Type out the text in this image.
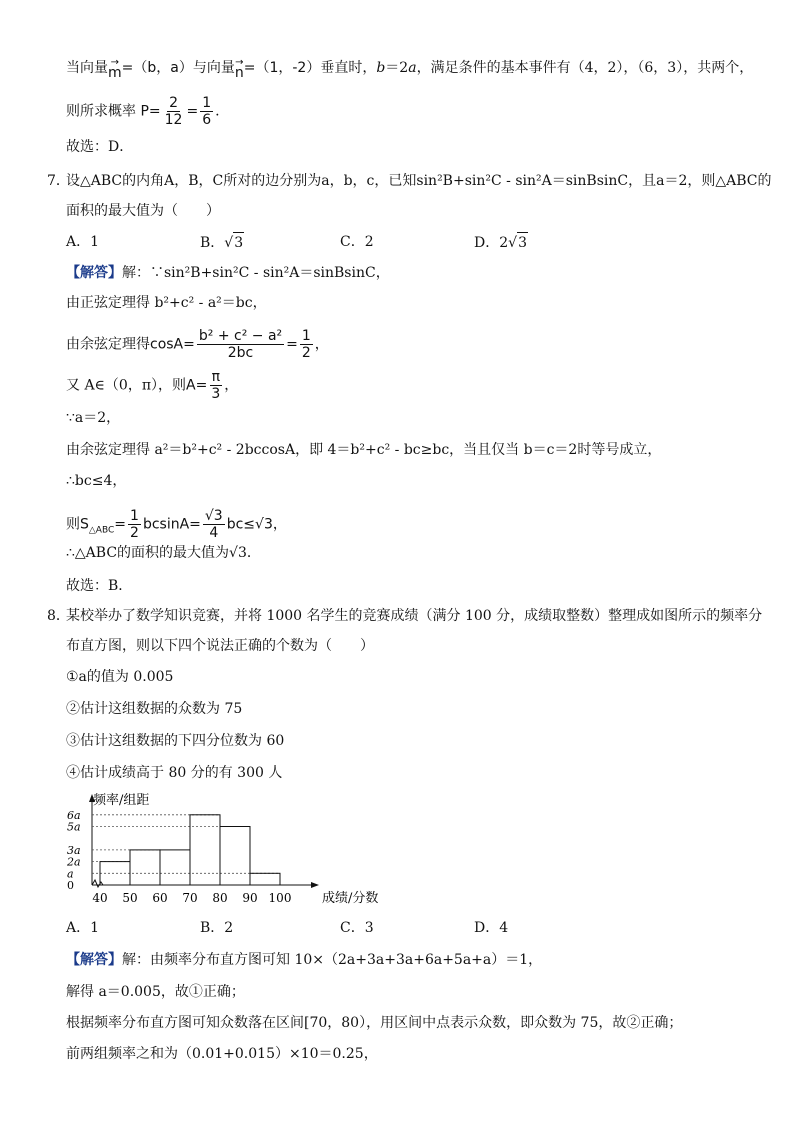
当向量 →
m =（b，a）与向量 →
n =（1，-2）垂直时，b＝2a，满足条件的基本事件有（4，2），（6，3），共两个，
则所求概率 $P= \frac{2}{12} = \frac{1}{6}$ .
故选：D．
7．
设△ABC的内角A，B，C所对的边分别为a，b，c，已知sin²B+sin²C - sin²A＝sinBsinC，且a＝2，则△ABC的
面积的最大值为（　　）
A．1	B． √ 3	C．2	D．2 √ 3
【解答】解：∵sin²B+sin²C - sin²A＝sinBsinC，
由正弦定理得 b²+c² - a²＝bc，
由余弦定理得$\cos A= \frac{\text{b² + c² − a²}}{2bc} = \frac{1}{2}$ ，
又 A∈（0，π），则$A= \frac{\pi}{3}$ ，
∵a＝2，
由余弦定理得 a²＝b²+c² - 2bccosA，即 4＝b²+c² - bc≥bc，当且仅当 b＝c＝2时等号成立，
∴bc≤4，
则$S_{\triangle ABC}= \frac{1}{2} bcsinA= \frac{√3}{4} bc\le√3$，
∴△ABC的面积的最大值为√3．
故选：B．
8．
某校举办了数学知识竞赛，并将 1000 名学生的竞赛成绩（满分 100 分，成绩取整数）整理成如图所示的频率分
布直方图，则以下四个说法正确的个数为（　　）
①a的值为 0.005
②估计这组数据的众数为 75
③估计这组数据的下四分位数为 60
④估计成绩高于 80 分的有 300 人
频率/组距
成绩/分数
6a
5a
3a
2a
a
0
40 50 60 70 80 90 100
A．1	B．2	C．3	D．4
【解答】解：由频率分布直方图可知 10×（2a+3a+3a+6a+5a+a）＝1，
解得 a＝0.005，故①正确；
根据频率分布直方图可知众数落在区间[70，80），用区间中点表示众数，即众数为 75，故②正确；
前两组频率之和为（0.01+0.015）×10＝0.25，
